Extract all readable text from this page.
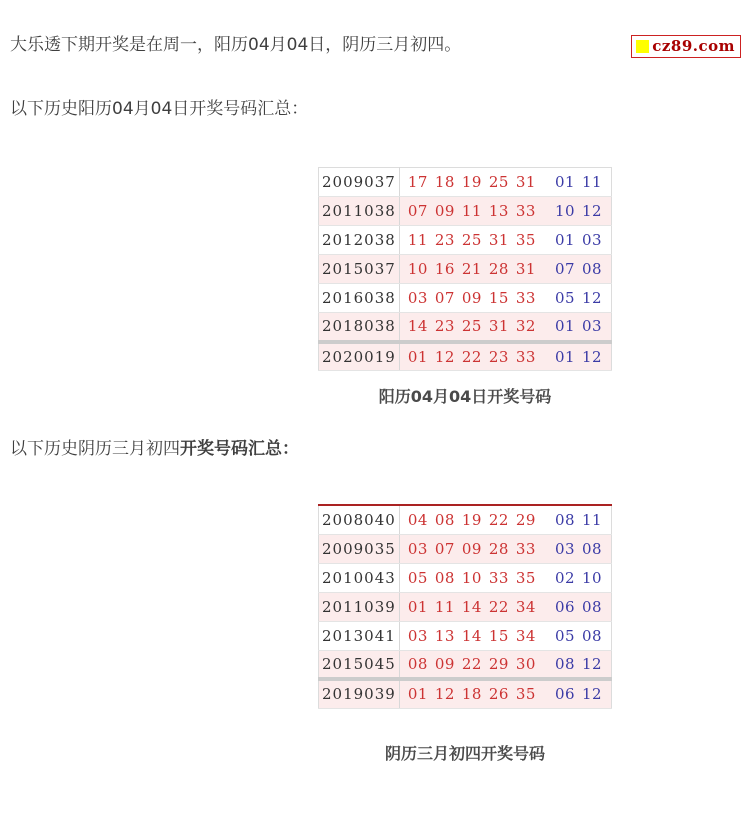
cz89.com

大乐透下期开奖是在周一，阳历04月04日，阴历三月初四。

以下历史阳历04月04日开奖号码汇总：

2009037	17 18 19 25 31	01 11
2011038	07 09 11 13 33	10 12
2012038	11 23 25 31 35	01 03
2015037	10 16 21 28 31	07 08
2016038	03 07 09 15 33	05 12
2018038	14 23 25 31 32	01 03
2020019	01 12 22 23 33	01 12

阳历04月04日开奖号码

以下历史阴历三月初四开奖号码汇总：

2008040	04 08 19 22 29	08 11
2009035	03 07 09 28 33	03 08
2010043	05 08 10 33 35	02 10
2011039	01 11 14 22 34	06 08
2013041	03 13 14 15 34	05 08
2015045	08 09 22 29 30	08 12
2019039	01 12 18 26 35	06 12

阴历三月初四开奖号码
